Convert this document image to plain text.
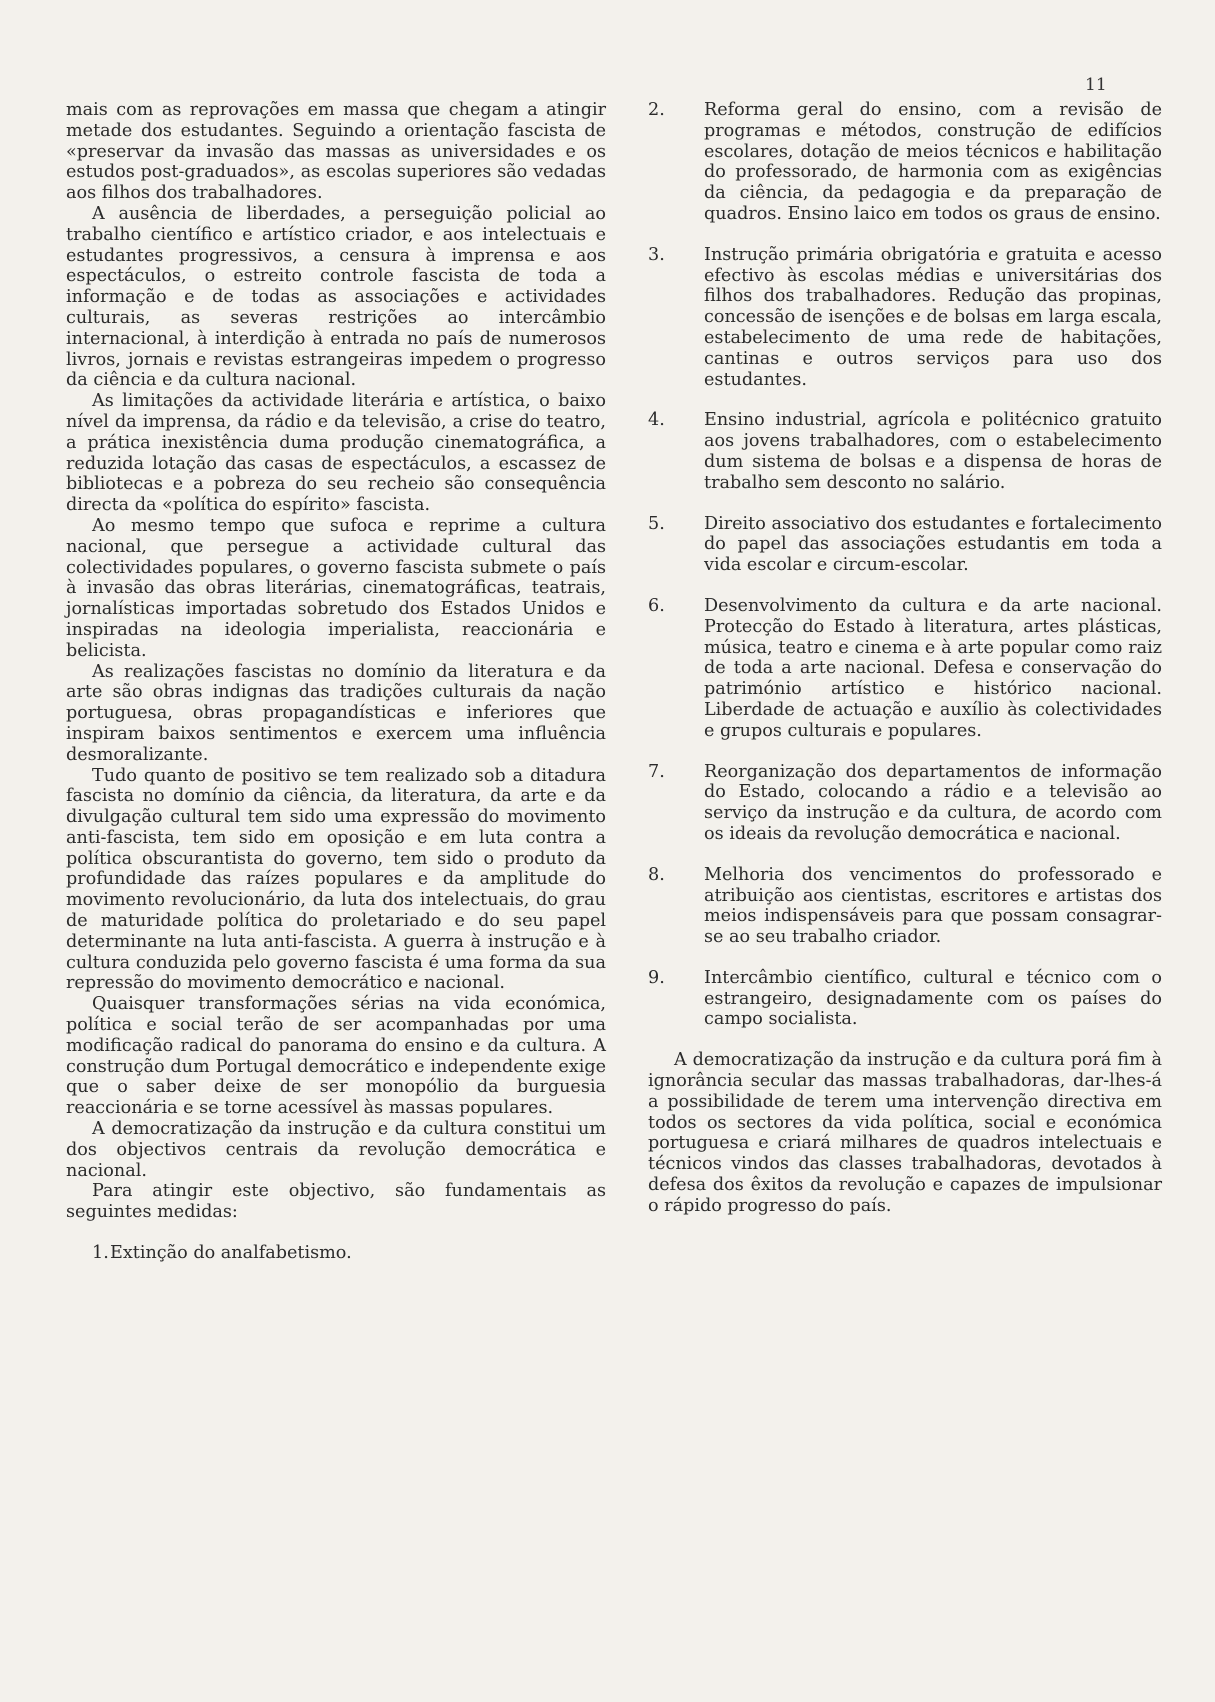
11

mais com as reprovações em massa que chegam a atingir metade dos estudantes. Seguindo a orientação fascista de «preservar da invasão das massas as universidades e os estudos post-graduados», as escolas superiores são vedadas aos filhos dos trabalhadores.

A ausência de liberdades, a perseguição policial ao trabalho científico e artístico criador, e aos intelectuais e estudantes progressivos, a censura à imprensa e aos espectáculos, o estreito controle fascista de toda a informação e de todas as associações e actividades culturais, as severas restrições ao intercâmbio internacional, à interdição à entrada no país de numerosos livros, jornais e revistas estrangeiras impedem o progresso da ciência e da cultura nacional.

As limitações da actividade literária e artística, o baixo nível da imprensa, da rádio e da televisão, a crise do teatro, a prática inexistência duma produção cinematográfica, a reduzida lotação das casas de espectáculos, a escassez de bibliotecas e a pobreza do seu recheio são consequência directa da «política do espírito» fascista.

Ao mesmo tempo que sufoca e reprime a cultura nacional, que persegue a actividade cultural das colectividades populares, o governo fascista submete o país à invasão das obras literárias, cinematográficas, teatrais, jornalísticas importadas sobretudo dos Estados Unidos e inspiradas na ideologia imperialista, reaccionária e belicista.

As realizações fascistas no domínio da literatura e da arte são obras indignas das tradições culturais da nação portuguesa, obras propagandísticas e inferiores que inspiram baixos sentimentos e exercem uma influência desmoralizante.

Tudo quanto de positivo se tem realizado sob a ditadura fascista no domínio da ciência, da literatura, da arte e da divulgação cultural tem sido uma expressão do movimento anti-fascista, tem sido em oposição e em luta contra a política obscurantista do governo, tem sido o produto da profundidade das raízes populares e da amplitude do movimento revolucionário, da luta dos intelectuais, do grau de maturidade política do proletariado e do seu papel determinante na luta anti-fascista. A guerra à instrução e à cultura conduzida pelo governo fascista é uma forma da sua repressão do movimento democrático e nacional.

Quaisquer transformações sérias na vida económica, política e social terão de ser acompanhadas por uma modificação radical do panorama do ensino e da cultura. A construção dum Portugal democrático e independente exige que o saber deixe de ser monopólio da burguesia reaccionária e se torne acessível às massas populares.

A democratização da instrução e da cultura constitui um dos objectivos centrais da revolução democrática e nacional.

Para atingir este objectivo, são fundamentais as seguintes medidas:

1. Extinção do analfabetismo.
2.	Reforma geral do ensino, com a revisão de programas e métodos, construção de edifícios escolares, dotação de meios técnicos e habilitação do professorado, de harmonia com as exigências da ciência, da pedagogia e da preparação de quadros. Ensino laico em todos os graus de ensino.
3.	Instrução primária obrigatória e gratuita e acesso efectivo às escolas médias e universitárias dos filhos dos trabalhadores. Redução das propinas, concessão de isenções e de bolsas em larga escala, estabelecimento de uma rede de habitações, cantinas e outros serviços para uso dos estudantes.
4.	Ensino industrial, agrícola e politécnico gratuito aos jovens trabalhadores, com o estabelecimento dum sistema de bolsas e a dispensa de horas de trabalho sem desconto no salário.
5.	Direito associativo dos estudantes e fortalecimento do papel das associações estudantis em toda a vida escolar e circum-escolar.
6.	Desenvolvimento da cultura e da arte nacional. Protecção do Estado à literatura, artes plásticas, música, teatro e cinema e à arte popular como raiz de toda a arte nacional. Defesa e conservação do património artístico e histórico nacional. Liberdade de actuação e auxílio às colectividades e grupos culturais e populares.
7.	Reorganização dos departamentos de informação do Estado, colocando a rádio e a televisão ao serviço da instrução e da cultura, de acordo com os ideais da revolução democrática e nacional.
8.	Melhoria dos vencimentos do professorado e atribuição aos cientistas, escritores e artistas dos meios indispensáveis para que possam consagrar-se ao seu trabalho criador.
9.	Intercâmbio científico, cultural e técnico com o estrangeiro, designadamente com os países do campo socialista.

A democratização da instrução e da cultura porá fim à ignorância secular das massas trabalhadoras, dar-lhes-á a possibilidade de terem uma intervenção directiva em todos os sectores da vida política, social e económica portuguesa e criará milhares de quadros intelectuais e técnicos vindos das classes trabalhadoras, devotados à defesa dos êxitos da revolução e capazes de impulsionar o rápido progresso do país.
